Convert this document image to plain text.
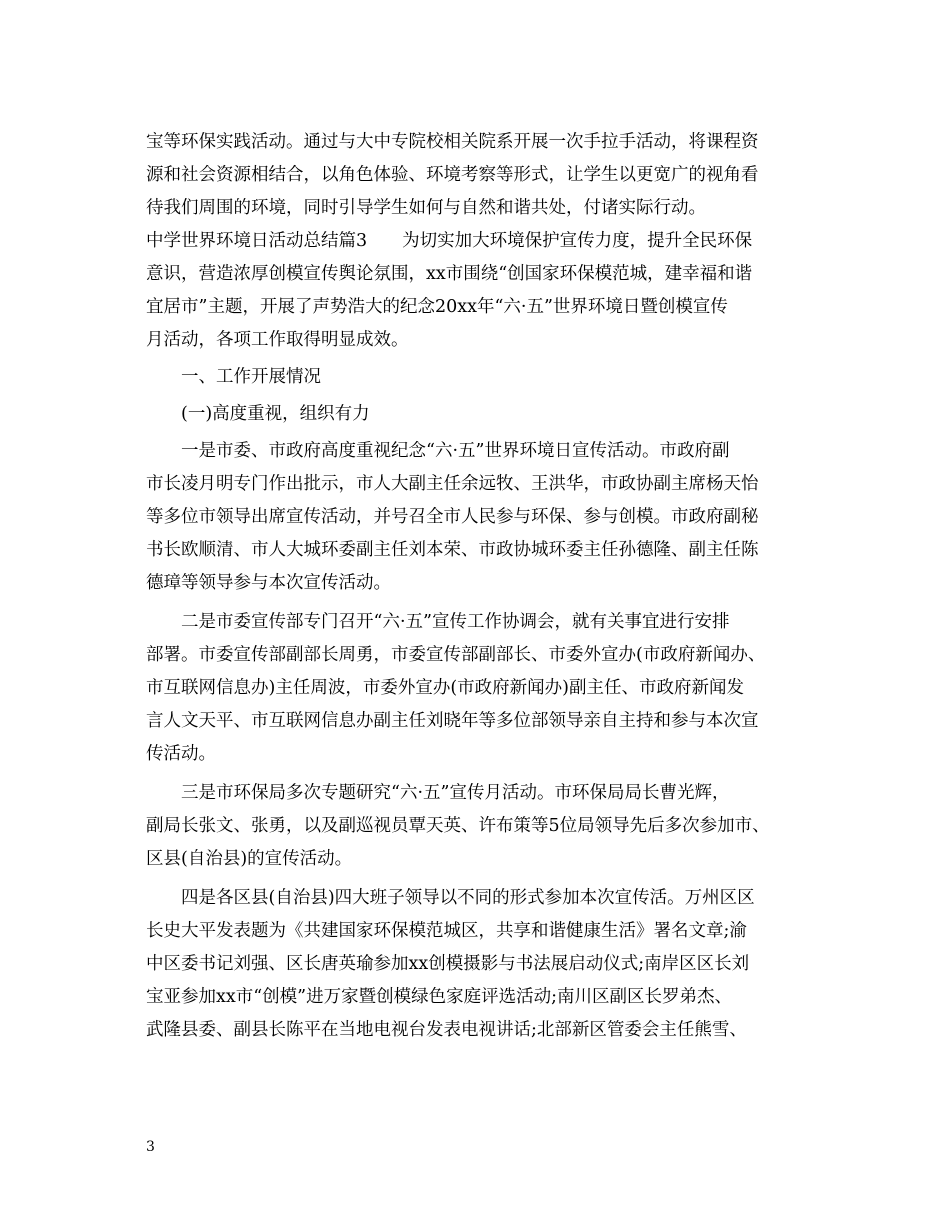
宝等环保实践活动。通过与大中专院校相关院系开展一次手拉手活动，将课程资
源和社会资源相结合，以角色体验、环境考察等形式，让学生以更宽广的视角看
待我们周围的环境，同时引导学生如何与自然和谐共处，付诸实际行动。
中学世界环境日活动总结篇3　　为切实加大环境保护宣传力度，提升全民环保
意识，营造浓厚创模宣传舆论氛围，xx市围绕“创国家环保模范城，建幸福和谐
宜居市”主题，开展了声势浩大的纪念20xx年“六·五”世界环境日暨创模宣传
月活动，各项工作取得明显成效。
　　一、工作开展情况
　　(一)高度重视，组织有力
　　一是市委、市政府高度重视纪念“六·五”世界环境日宣传活动。市政府副
市长凌月明专门作出批示，市人大副主任余远牧、王洪华，市政协副主席杨天怡
等多位市领导出席宣传活动，并号召全市人民参与环保、参与创模。市政府副秘
书长欧顺清、市人大城环委副主任刘本荣、市政协城环委主任孙德隆、副主任陈
德璋等领导参与本次宣传活动。
　　二是市委宣传部专门召开“六·五”宣传工作协调会，就有关事宜进行安排
部署。市委宣传部副部长周勇，市委宣传部副部长、市委外宣办(市政府新闻办、
市互联网信息办)主任周波，市委外宣办(市政府新闻办)副主任、市政府新闻发
言人文天平、市互联网信息办副主任刘晓年等多位部领导亲自主持和参与本次宣
传活动。
　　三是市环保局多次专题研究“六·五”宣传月活动。市环保局局长曹光辉，
副局长张文、张勇，以及副巡视员覃天英、许布策等5位局领导先后多次参加市、
区县(自治县)的宣传活动。
　　四是各区县(自治县)四大班子领导以不同的形式参加本次宣传活。万州区区
长史大平发表题为《共建国家环保模范城区，共享和谐健康生活》署名文章;渝
中区委书记刘强、区长唐英瑜参加xx创模摄影与书法展启动仪式;南岸区区长刘
宝亚参加xx市“创模”进万家暨创模绿色家庭评选活动;南川区副区长罗弟杰、
武隆县委、副县长陈平在当地电视台发表电视讲话;北部新区管委会主任熊雪、
3
